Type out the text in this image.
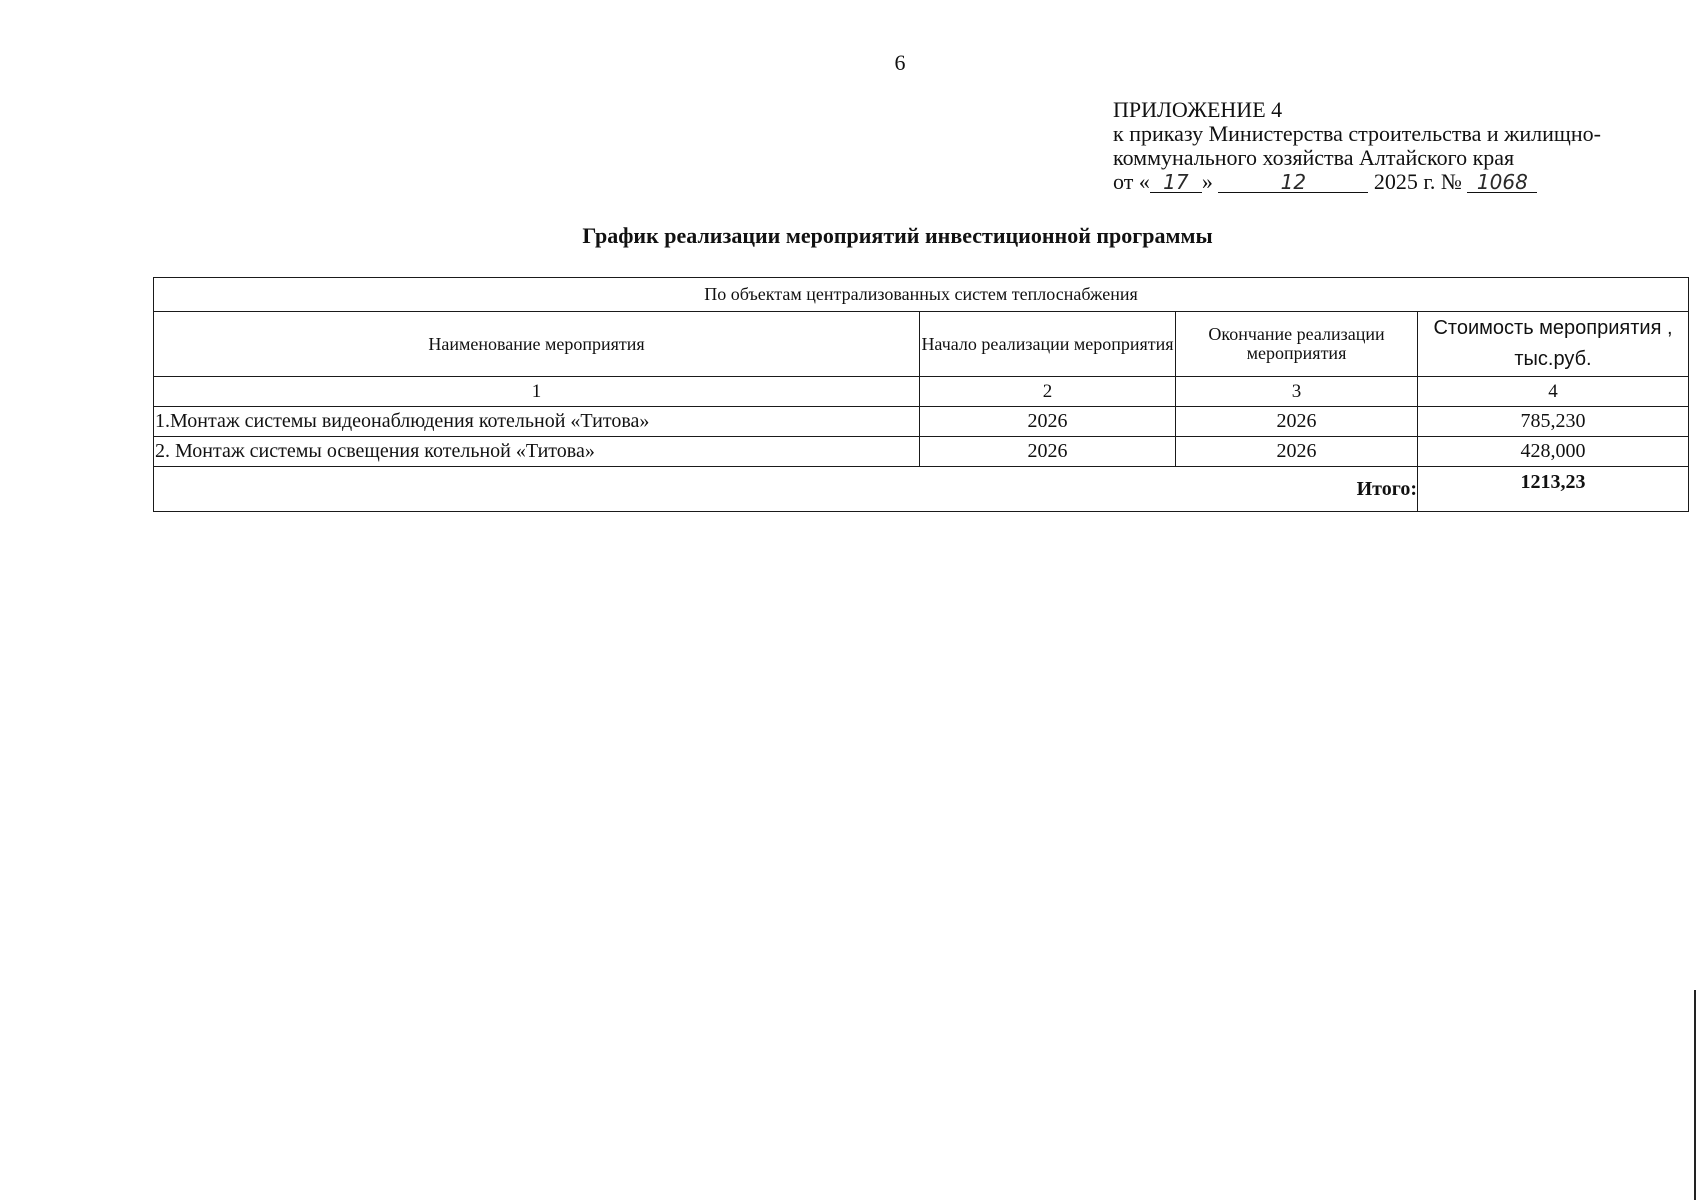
6
ПРИЛОЖЕНИЕ 4
к приказу Министерства строительства и жилищно-
коммунального хозяйства Алтайского края
от « 17 »	12	2025 г. № 1068
График реализации мероприятий инвестиционной программы
По объектам централизованных систем теплоснабжения			
Наименование мероприятия	Начало реализации мероприятия	Окончание реализации мероприятия	Стоимость мероприятия , тыс.руб.
1	2	3	4
1.Монтаж системы видеонаблюдения котельной «Титова»	2026	2026	785,230
2. Монтаж системы освещения котельной «Титова»	2026	2026	428,000
Итого:			1213,23
